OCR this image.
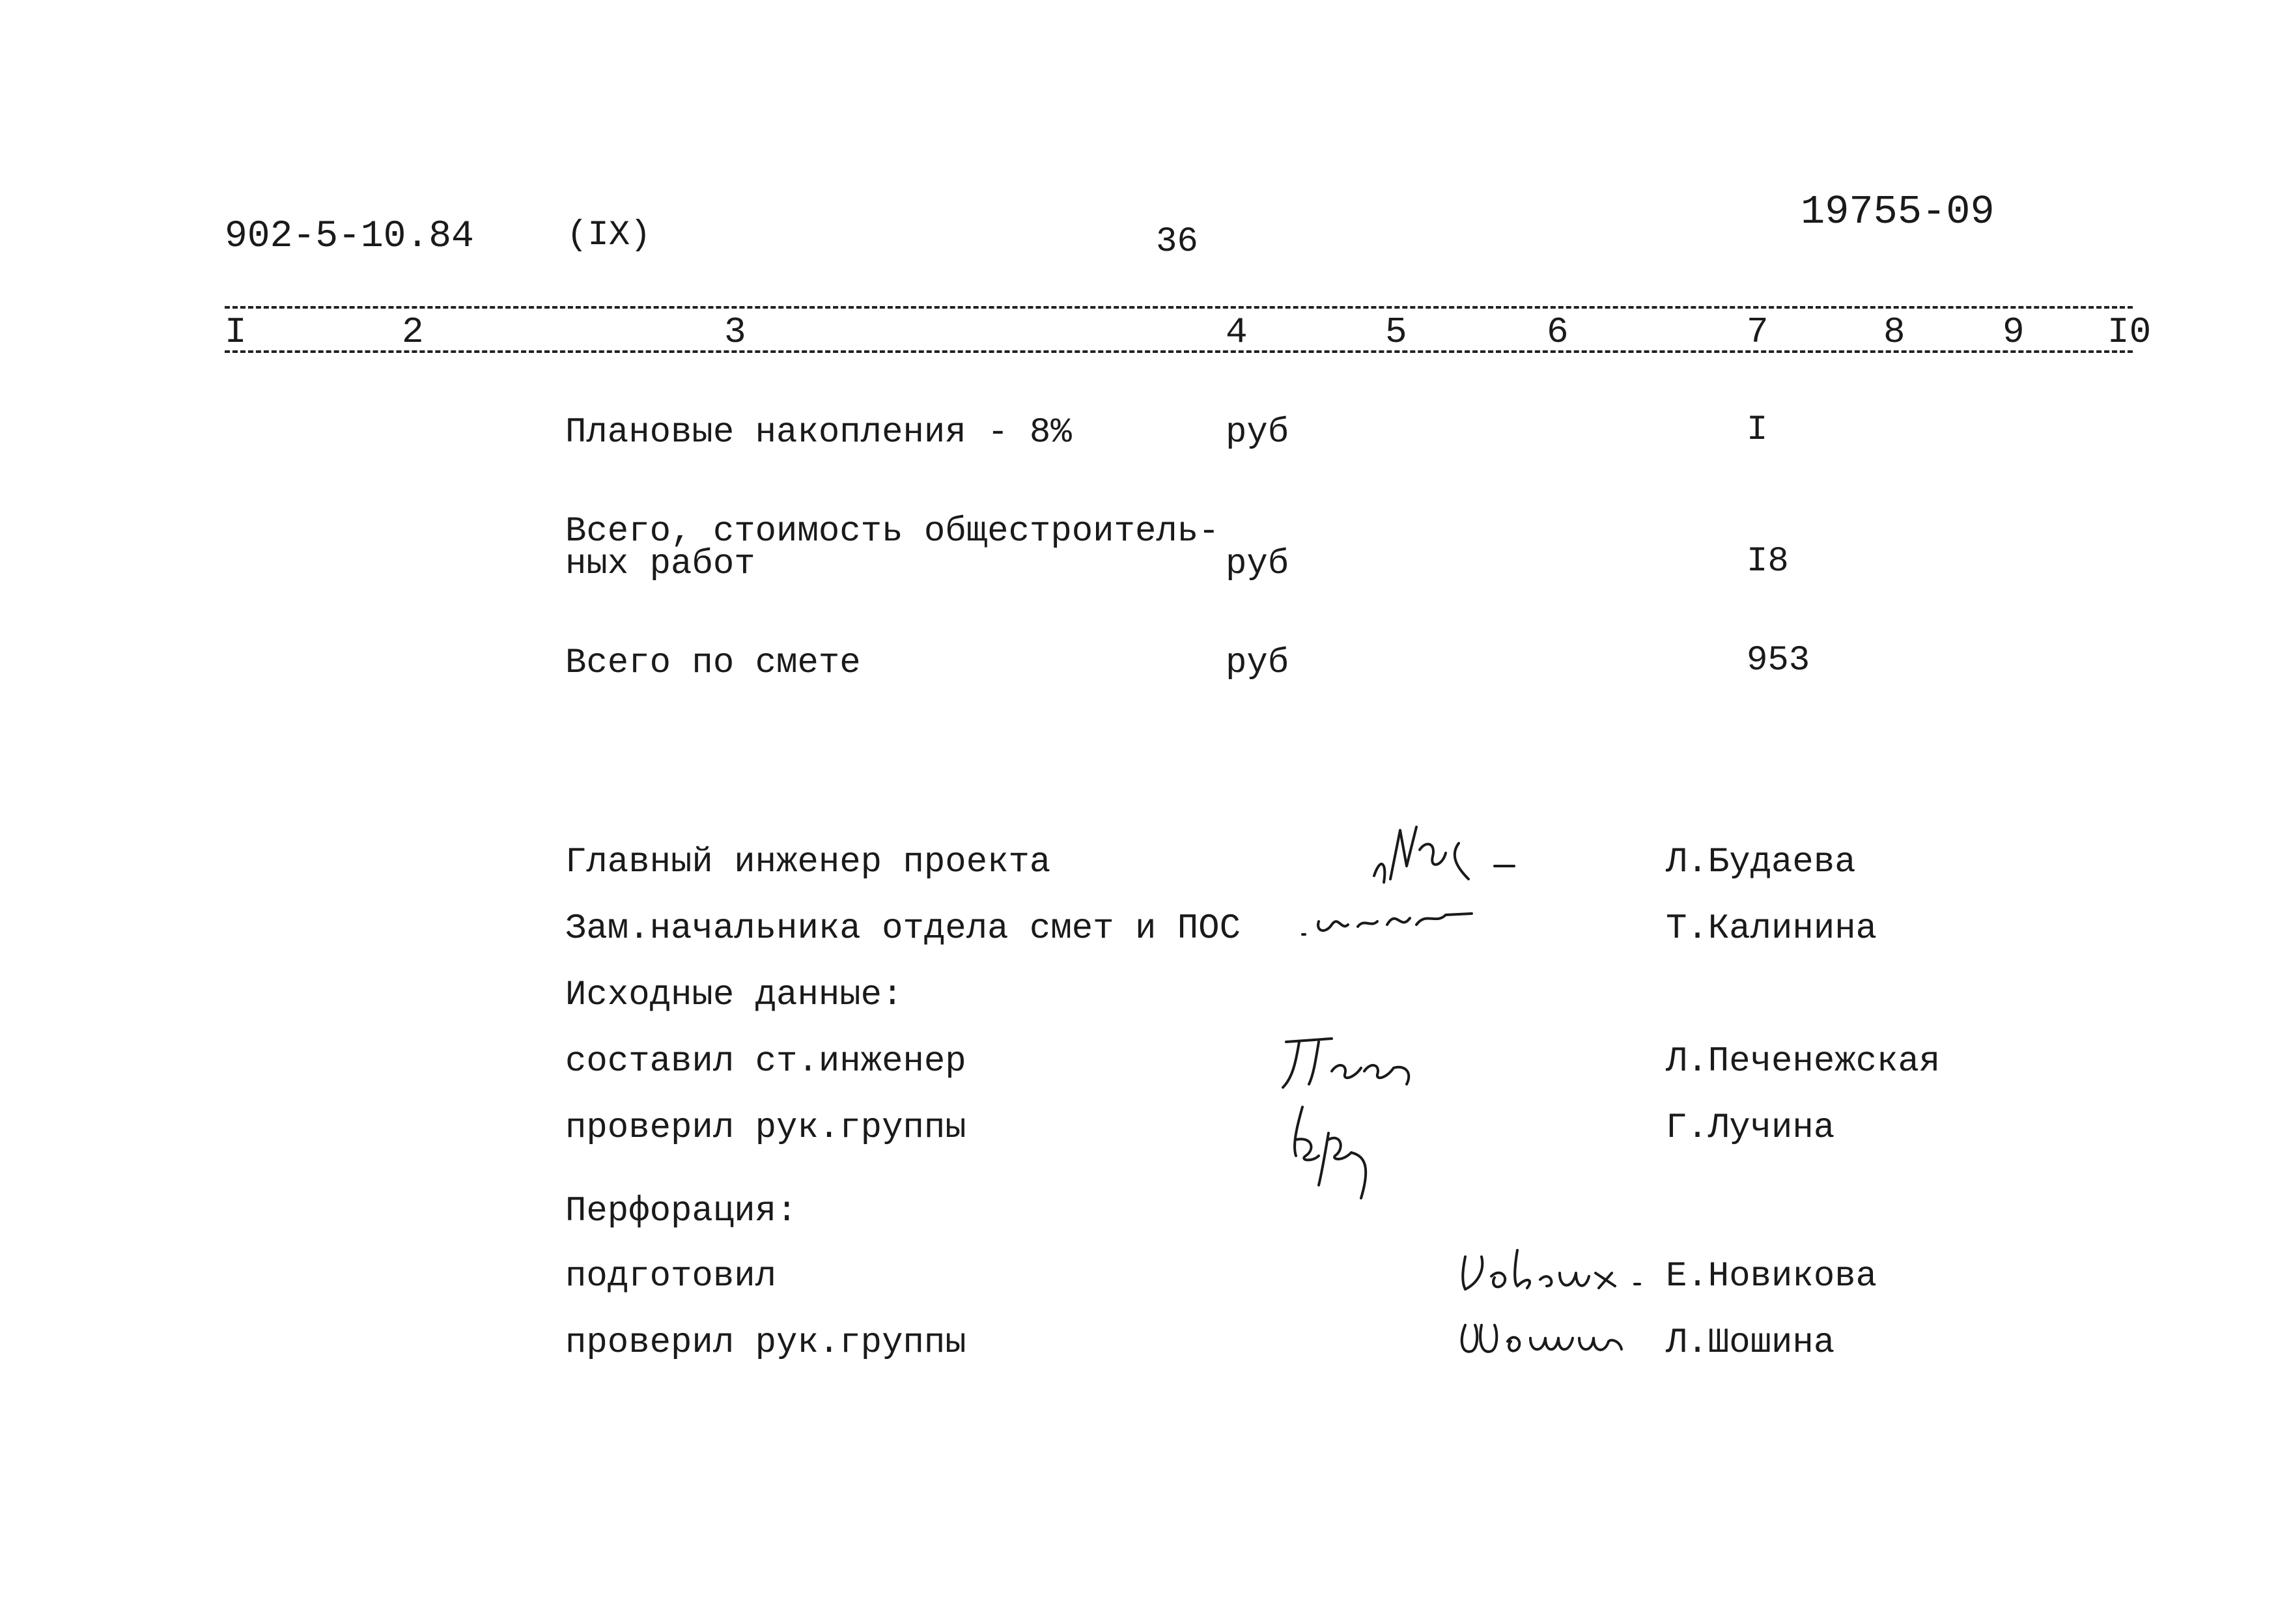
902-5-10.84	(IX)	36
19755-09
I	2	3	4	5	6	7	8	9 I0
Плановые накопления - 8%	руб	I
Всего, стоимость общестроитель-
ных работ	руб	I8
Всего по смете	руб	953
Главный инженер проекта	Л.Будаева
Зам.начальника отдела смет и ПОС	Т.Калинина
Исходные данные:
составил ст.инженер	Л.Печенежская
проверил рук.группы	Г.Лучина
Перфорация:
подготовил	Е.Новикова
проверил рук.группы	Л.Шошина
